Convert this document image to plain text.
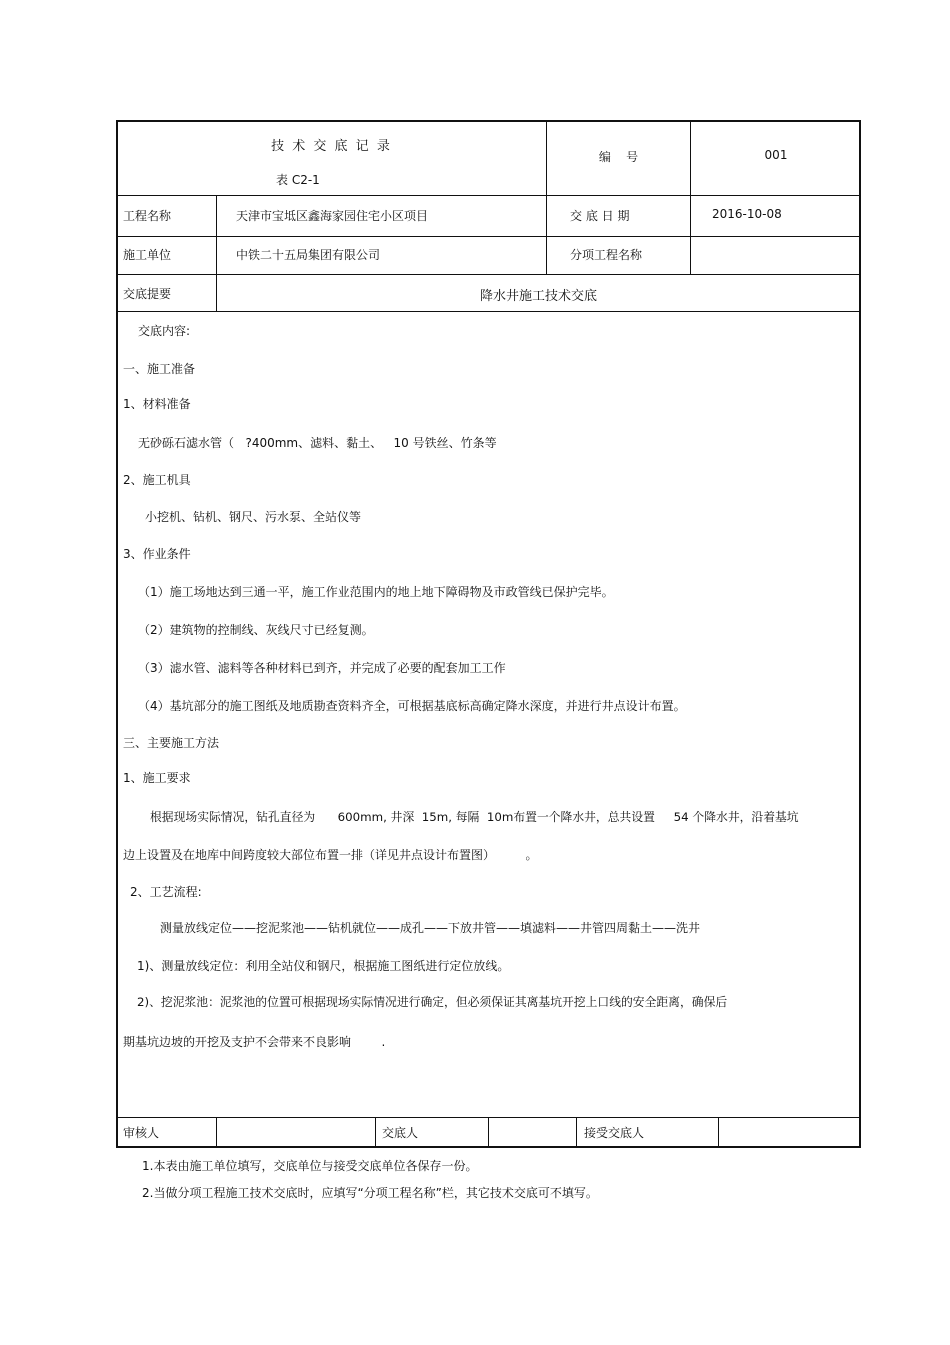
技 术 交 底 记 录
表 C2-1
编    号	001
工程名称	天津市宝坻区鑫海家园住宅小区项目	交 底 日 期	2016-10-08
施工单位	中铁二十五局集团有限公司	分项工程名称
交底提要	降水井施工技术交底
交底内容:
一、施工准备
1、材料准备
无砂砾石滤水管（   ?400mm、滤料、黏土、   10 号铁丝、竹条等
2、施工机具
小挖机、钻机、钢尺、污水泵、全站仪等
3、作业条件
（1）施工场地达到三通一平，施工作业范围内的地上地下障碍物及市政管线已保护完毕。
（2）建筑物的控制线、灰线尺寸已经复测。
（3）滤水管、滤料等各种材料已到齐，并完成了必要的配套加工工作
（4）基坑部分的施工图纸及地质勘查资料齐全，可根据基底标高确定降水深度，并进行井点设计布置。
三、主要施工方法
1、施工要求
根据现场实际情况，钻孔直径为      600mm, 井深  15m, 每隔  10m布置一个降水井，总共设置     54 个降水井，沿着基坑
边上设置及在地库中间跨度较大部位布置一排（详见井点设计布置图）        。
2、工艺流程:
测量放线定位——挖泥浆池——钻机就位——成孔——下放井管——填滤料——井管四周黏土——洗井
1)、测量放线定位：利用全站仪和钢尺，根据施工图纸进行定位放线。
2)、挖泥浆池：泥浆池的位置可根据现场实际情况进行确定，但必须保证其离基坑开挖上口线的安全距离，确保后
期基坑边坡的开挖及支护不会带来不良影响        .
审核人	交底人	接受交底人
1.本表由施工单位填写，交底单位与接受交底单位各保存一份。
2.当做分项工程施工技术交底时，应填写“分项工程名称”栏，其它技术交底可不填写。
